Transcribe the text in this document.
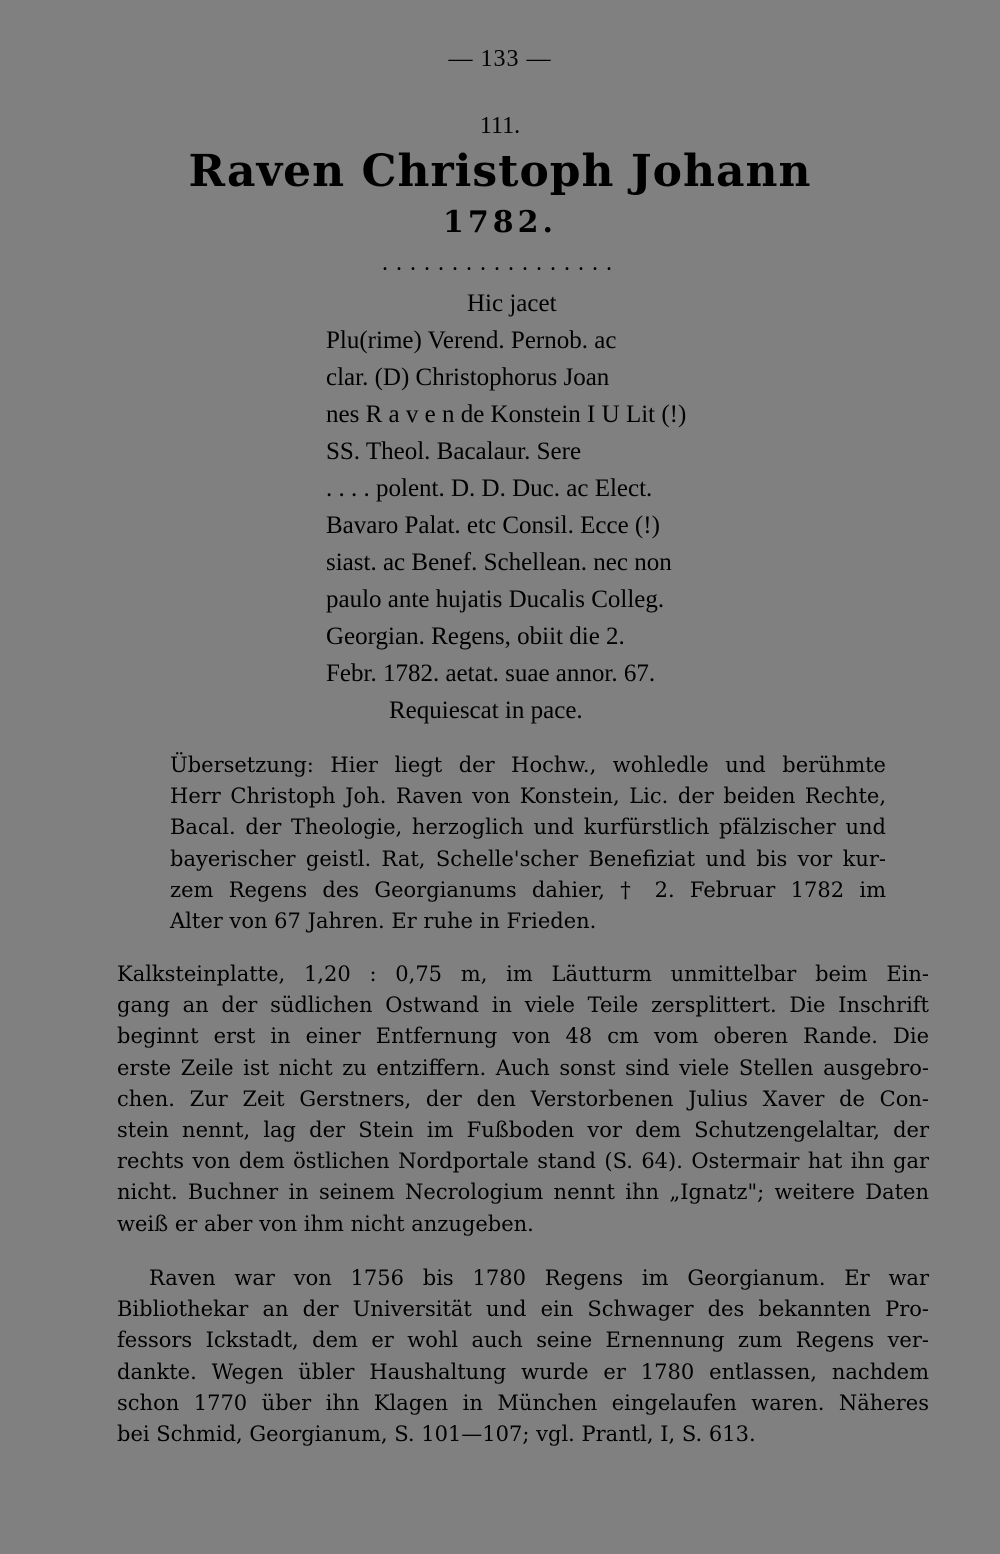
— 133 —
111.
Raven Christoph Johann
1782.
.................
Hic jacet
Plu(rime) Verend. Pernob. ac
clar. (D) Christophorus Joan
nes R a v e n de Konstein I U Lit (!)
SS. Theol. Bacalaur. Sere
. . . . polent. D. D. Duc. ac Elect.
Bavaro Palat. etc Consil. Ecce (!)
siast. ac Benef. Schellean. nec non
paulo ante hujatis Ducalis Colleg.
Georgian. Regens, obiit die 2.
Febr. 1782. aetat. suae annor. 67.
Requiescat in pace.
Übersetzung: Hier liegt der Hochw., wohledle und berühmte
Herr Christoph Joh. Raven von Konstein, Lic. der beiden Rechte,
Bacal. der Theologie, herzoglich und kurfürstlich pfälzischer und
bayerischer geistl. Rat, Schelle'scher Benefiziat und bis vor kur-
zem Regens des Georgianums dahier, † 2. Februar 1782 im
Alter von 67 Jahren. Er ruhe in Frieden.
Kalksteinplatte, 1,20 : 0,75 m, im Läutturm unmittelbar beim Ein-
gang an der südlichen Ostwand in viele Teile zersplittert. Die Inschrift
beginnt erst in einer Entfernung von 48 cm vom oberen Rande. Die
erste Zeile ist nicht zu entziffern. Auch sonst sind viele Stellen ausgebro-
chen. Zur Zeit Gerstners, der den Verstorbenen Julius Xaver de Con-
stein nennt, lag der Stein im Fußboden vor dem Schutzengelaltar, der
rechts von dem östlichen Nordportale stand (S. 64). Ostermair hat ihn gar
nicht. Buchner in seinem Necrologium nennt ihn „Ignatz"; weitere Daten
weiß er aber von ihm nicht anzugeben.
Raven war von 1756 bis 1780 Regens im Georgianum. Er war
Bibliothekar an der Universität und ein Schwager des bekannten Pro-
fessors Ickstadt, dem er wohl auch seine Ernennung zum Regens ver-
dankte. Wegen übler Haushaltung wurde er 1780 entlassen, nachdem
schon 1770 über ihn Klagen in München eingelaufen waren. Näheres
bei Schmid, Georgianum, S. 101—107; vgl. Prantl, I, S. 613.
